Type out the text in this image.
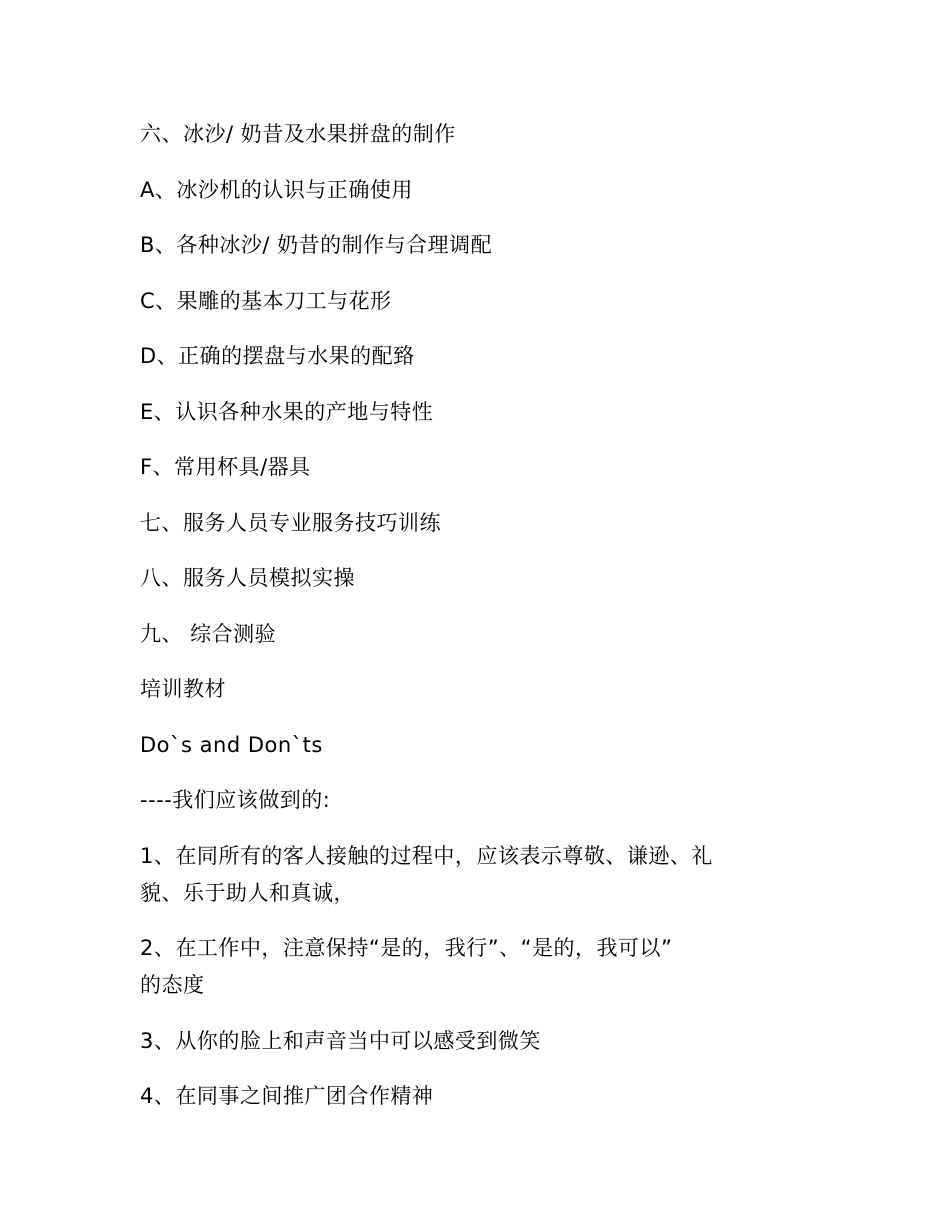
六、冰沙/ 奶昔及水果拼盘的制作
A、冰沙机的认识与正确使用
B、各种冰沙/ 奶昔的制作与合理调配
C、果雕的基本刀工与花形
D、正确的摆盘与水果的配臵
E、认识各种水果的产地与特性
F、常用杯具/器具
七、服务人员专业服务技巧训练
八、服务人员模拟实操
九、 综合测验
培训教材
Do`s and Don`ts
----我们应该做到的:
1、在同所有的客人接触的过程中，应该表示尊敬、谦逊、礼
貌、乐于助人和真诚，
2、在工作中，注意保持“是的，我行”、“是的，我可以”
的态度
3、从你的脸上和声音当中可以感受到微笑
4、在同事之间推广团合作精神
